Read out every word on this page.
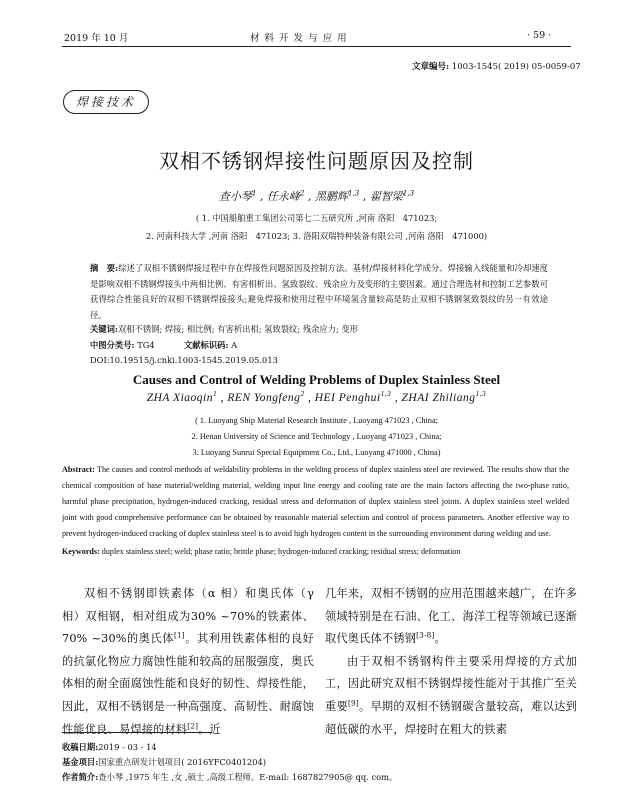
2019 年 10 月	材 料 开 发 与 应 用	· 59 ·
文章编号: 1003-1545( 2019) 05-0059-07
焊接技术
双相不锈钢焊接性问题原因及控制
查小琴$^1$ , 任永峰$^2$ , 黑鹏辉$^{1,3}$ , 翟智梁$^{1,3}$
( 1. 中国船舶重工集团公司第七二五研究所 ,河南 洛阳　471023;
2. 河南科技大学 ,河南 洛阳　471023; 3. 洛阳双瑞特种装备有限公司 ,河南 洛阳　471000)
摘　要:综述了双相不锈钢焊接过程中存在焊接性问题原因及控制方法。基材/焊接材料化学成分、焊接输入线能量和冷却速度是影响双相不锈钢焊接头中两相比例、有害相析出、氢致裂纹、残余应力及变形的主要因素。通过合理选材和控制工艺参数可获得综合性能良好的双相不锈钢焊接接头;避免焊接和使用过程中环境氢含量较高是防止双相不锈钢氢致裂纹的另一有效途径。
关键词:双相不锈钢; 焊接; 相比例; 有害析出相; 氢致裂纹; 残余应力; 变形
中图分类号: TG4	文献标识码: A
DOI:10.19515/j.cnki.1003-1545.2019.05.013
Causes and Control of Welding Problems of Duplex Stainless Steel
ZHA Xiaoqin$^1$ , REN Yongfeng$^2$ , HEI Penghui$^{1,3}$ , ZHAI Zhiliang$^{1,3}$
( 1. Luoyang Ship Material Research Institute , Luoyang 471023 , China;
2. Henan University of Science and Technology , Luoyang 471023 , China;
3. Luoyang Sunrui Special Equipment Co., Ltd., Luoyang 471000 , China)
Abstract: The causes and control methods of weldability problems in the welding process of duplex stainless steel are reviewed. The results show that the chemical composition of base material/welding material, welding input line energy and cooling rate are the main factors affecting the two-phase ratio, harmful phase precipitation, hydrogen-induced cracking, residual stress and deformation of duplex stainless steel joints. A duplex stainless steel welded joint with good comprehensive performance can be obtained by reasonable material selection and control of process parameters. Another effective way to prevent hydrogen-induced cracking of duplex stainless steel is to avoid high hydrogen content in the surrounding environment during welding and use.
Keywords: duplex stainless steel; weld; phase ratio; brittle phase; hydrogen-induced cracking; residual stress; deformation
双相不锈钢即铁素体（α 相）和奥氏体（γ 相）双相钢，相对组成为30% ~70%的铁素体、70% ~30%的奥氏体[1]。其利用铁素体相的良好的抗氯化物应力腐蚀性能和较高的屈服强度，奥氏体相的耐全面腐蚀性能和良好的韧性、焊接性能，因此，双相不锈钢是一种高强度、高韧性、耐腐蚀性能优良、易焊接的材料[2]。近
几年来，双相不锈钢的应用范围越来越广，在许多领域特别是在石油、化工、海洋工程等领域已逐渐取代奥氏体不锈钢[3-8]。
由于双相不锈钢构件主要采用焊接的方式加工，因此研究双相不锈钢焊接性能对于其推广至关重要[9]。早期的双相不锈钢碳含量较高，难以达到超低碳的水平，焊接时在粗大的铁素
收稿日期:2019 - 03 - 14
基金项目:国家重点研发计划项目( 2016YFC0401204)
作者简介:查小琴 ,1975 年生 ,女 ,硕士 ,高级工程师。E-mail: 1687827905@ qq. com。
